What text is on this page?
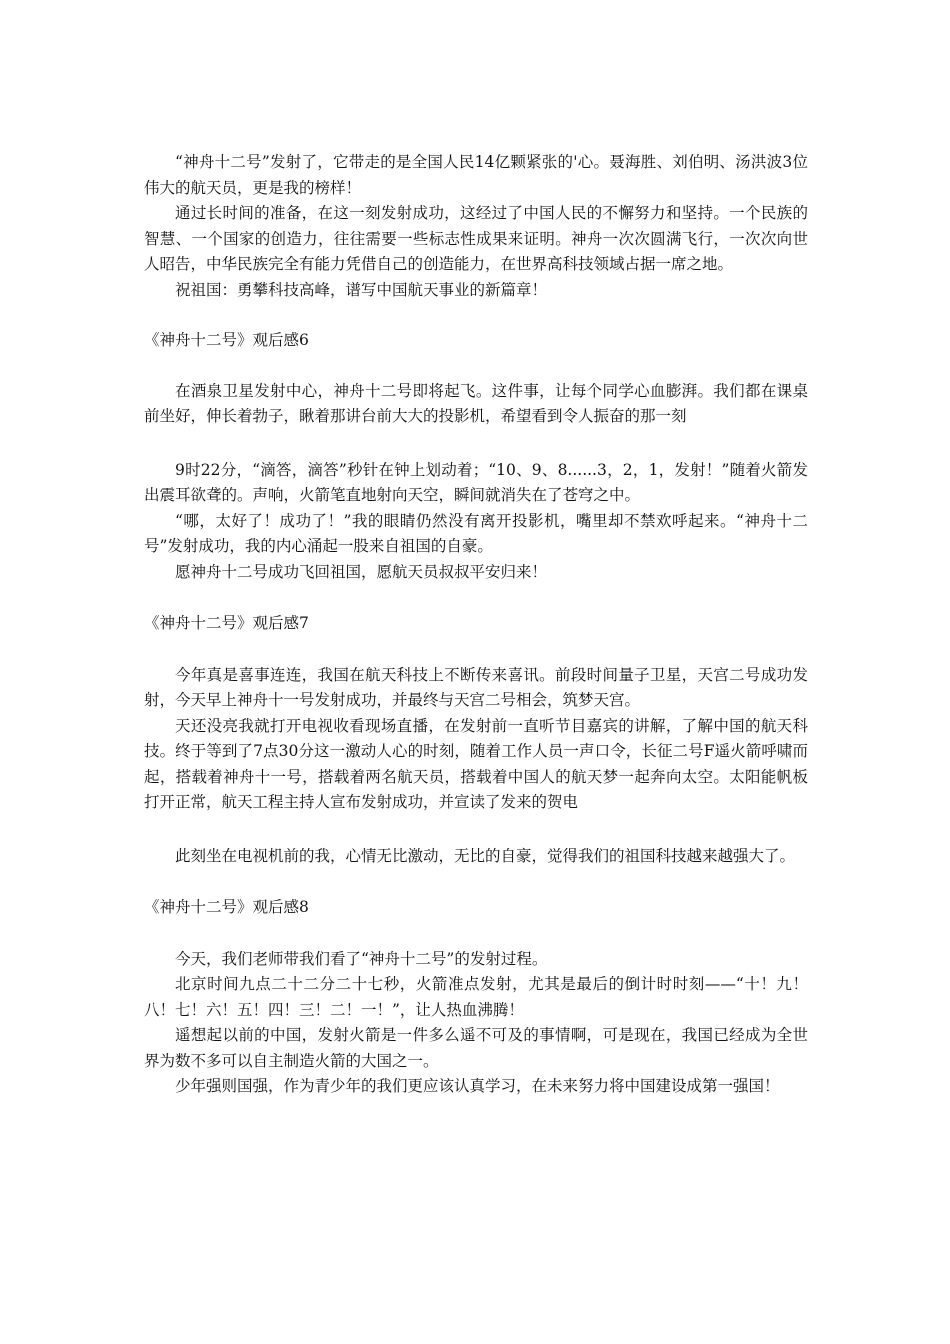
“神舟十二号”发射了，它带走的是全国人民14亿颗紧张的'心。聂海胜、刘伯明、汤洪波3位伟大的航天员，更是我的榜样！

通过长时间的准备，在这一刻发射成功，这经过了中国人民的不懈努力和坚持。一个民族的智慧、一个国家的创造力，往往需要一些标志性成果来证明。神舟一次次圆满飞行，一次次向世人昭告，中华民族完全有能力凭借自己的创造能力，在世界高科技领域占据一席之地。

祝祖国：勇攀科技高峰，谱写中国航天事业的新篇章！

《神舟十二号》观后感6

在酒泉卫星发射中心，神舟十二号即将起飞。这件事，让每个同学心血膨湃。我们都在课桌前坐好，伸长着勃子，瞅着那讲台前大大的投影机，希望看到令人振奋的那一刻

9时22分，“滴答，滴答”秒针在钟上划动着；“10、9、8......3，2，1，发射！”随着火箭发出震耳欲聋的。声响，火箭笔直地射向天空，瞬间就消失在了苍穹之中。

“哪，太好了！成功了！”我的眼睛仍然没有离开投影机，嘴里却不禁欢呼起来。“神舟十二号”发射成功，我的内心涌起一股来自祖国的自豪。

愿神舟十二号成功飞回祖国，愿航天员叔叔平安归来！

《神舟十二号》观后感7

今年真是喜事连连，我国在航天科技上不断传来喜讯。前段时间量子卫星，天宫二号成功发射，今天早上神舟十一号发射成功，并最终与天宫二号相会，筑梦天宫。

天还没亮我就打开电视收看现场直播，在发射前一直听节目嘉宾的讲解，了解中国的航天科技。终于等到了7点30分这一激动人心的时刻，随着工作人员一声口令，长征二号F遥火箭呼啸而起，搭载着神舟十一号，搭载着两名航天员，搭载着中国人的航天梦一起奔向太空。太阳能帆板打开正常，航天工程主持人宣布发射成功，并宣读了发来的贺电

此刻坐在电视机前的我，心情无比激动，无比的自豪，觉得我们的祖国科技越来越强大了。

《神舟十二号》观后感8

今天，我们老师带我们看了“神舟十二号”的发射过程。

北京时间九点二十二分二十七秒，火箭准点发射，尤其是最后的倒计时时刻——“十！九！八！七！六！五！四！三！二！一！”，让人热血沸腾！

遥想起以前的中国，发射火箭是一件多么遥不可及的事情啊，可是现在，我国已经成为全世界为数不多可以自主制造火箭的大国之一。

少年强则国强，作为青少年的我们更应该认真学习，在未来努力将中国建设成第一强国！
